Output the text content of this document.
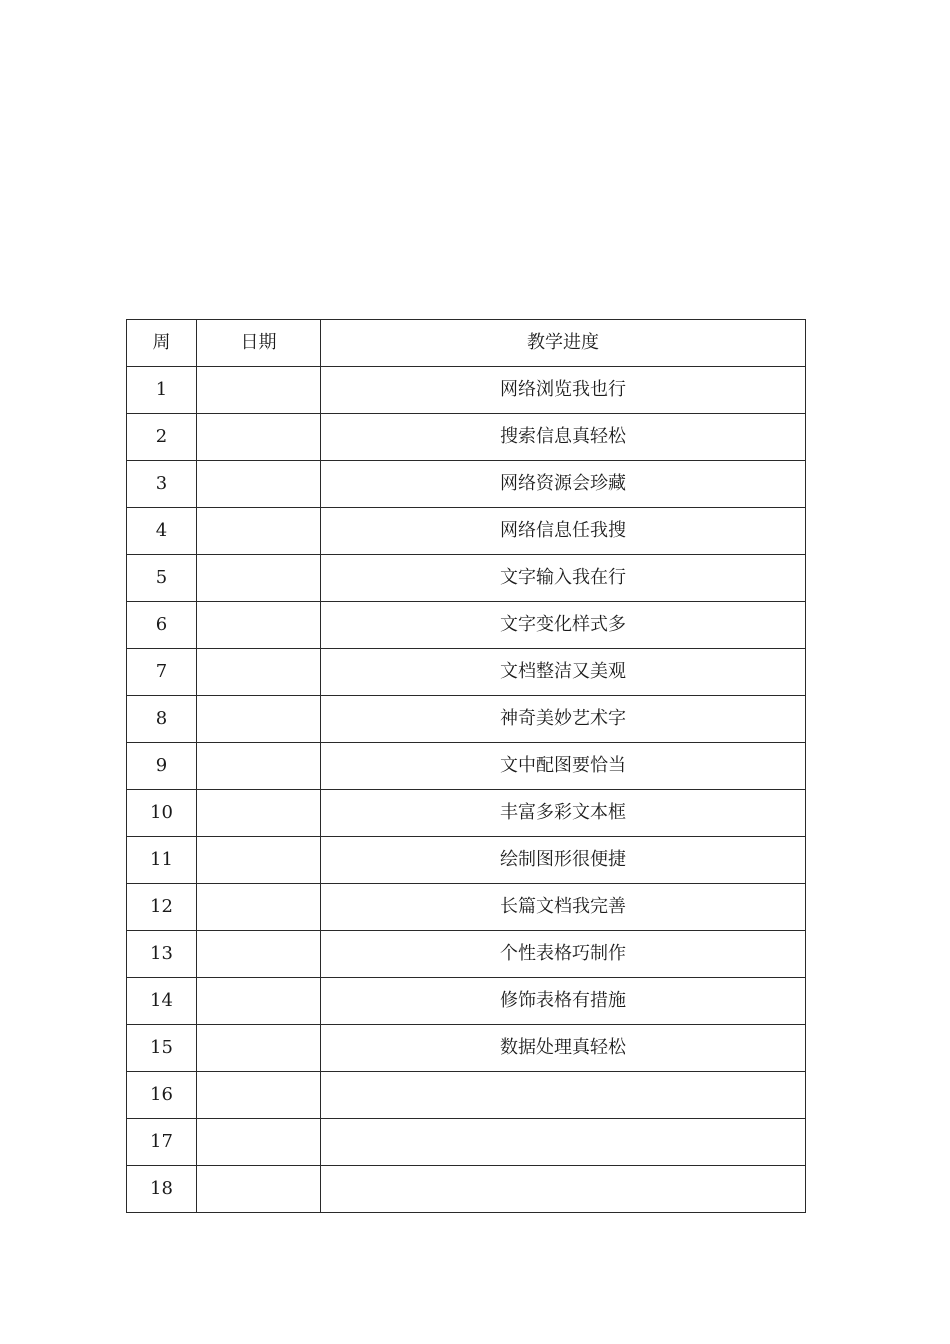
周	日期	教学进度
1		网络浏览我也行
2		搜索信息真轻松
3		网络资源会珍藏
4		网络信息任我搜
5		文字输入我在行
6		文字变化样式多
7		文档整洁又美观
8		神奇美妙艺术字
9		文中配图要恰当
10		丰富多彩文本框
11		绘制图形很便捷
12		长篇文档我完善
13		个性表格巧制作
14		修饰表格有措施
15		数据处理真轻松
16		
17		
18		
